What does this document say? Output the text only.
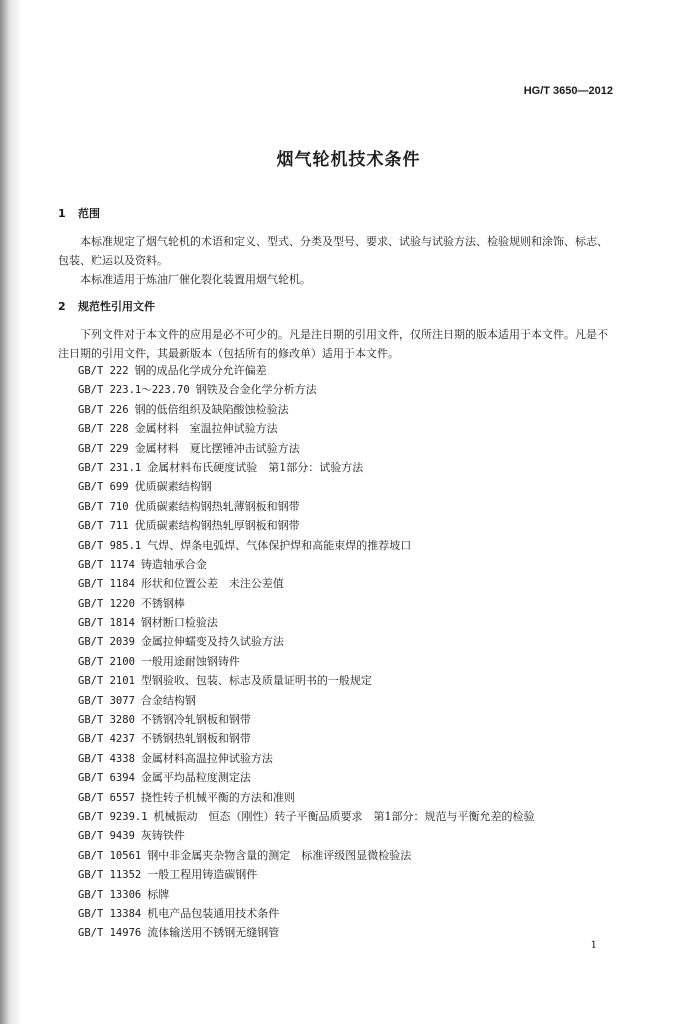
HG/T 3650—2012
烟气轮机技术条件
1 范围
本标准规定了烟气轮机的术语和定义、型式、分类及型号、要求、试验与试验方法、检验规则和涂饰、标志、包装、贮运以及资料。
本标准适用于炼油厂催化裂化装置用烟气轮机。
2 规范性引用文件
下列文件对于本文件的应用是必不可少的。凡是注日期的引用文件，仅所注日期的版本适用于本文件。凡是不注日期的引用文件，其最新版本（包括所有的修改单）适用于本文件。
GB/T 222 钢的成品化学成分允许偏差
GB/T 223.1～223.70 钢铁及合金化学分析方法
GB/T 226 钢的低倍组织及缺陷酸蚀检验法
GB/T 228 金属材料　室温拉伸试验方法
GB/T 229 金属材料　夏比摆锤冲击试验方法
GB/T 231.1 金属材料布氏硬度试验　第1部分：试验方法
GB/T 699 优质碳素结构钢
GB/T 710 优质碳素结构钢热轧薄钢板和钢带
GB/T 711 优质碳素结构钢热轧厚钢板和钢带
GB/T 985.1 气焊、焊条电弧焊、气体保护焊和高能束焊的推荐坡口
GB/T 1174 铸造轴承合金
GB/T 1184 形状和位置公差　未注公差值
GB/T 1220 不锈钢棒
GB/T 1814 钢材断口检验法
GB/T 2039 金属拉伸蠕变及持久试验方法
GB/T 2100 一般用途耐蚀钢铸件
GB/T 2101 型钢验收、包装、标志及质量证明书的一般规定
GB/T 3077 合金结构钢
GB/T 3280 不锈钢冷轧钢板和钢带
GB/T 4237 不锈钢热轧钢板和钢带
GB/T 4338 金属材料高温拉伸试验方法
GB/T 6394 金属平均晶粒度测定法
GB/T 6557 挠性转子机械平衡的方法和准则
GB/T 9239.1 机械振动　恒态（刚性）转子平衡品质要求　第1部分：规范与平衡允差的检验
GB/T 9439 灰铸铁件
GB/T 10561 钢中非金属夹杂物含量的测定　标准评级图显微检验法
GB/T 11352 一般工程用铸造碳钢件
GB/T 13306 标牌
GB/T 13384 机电产品包装通用技术条件
GB/T 14976 流体输送用不锈钢无缝钢管
1
